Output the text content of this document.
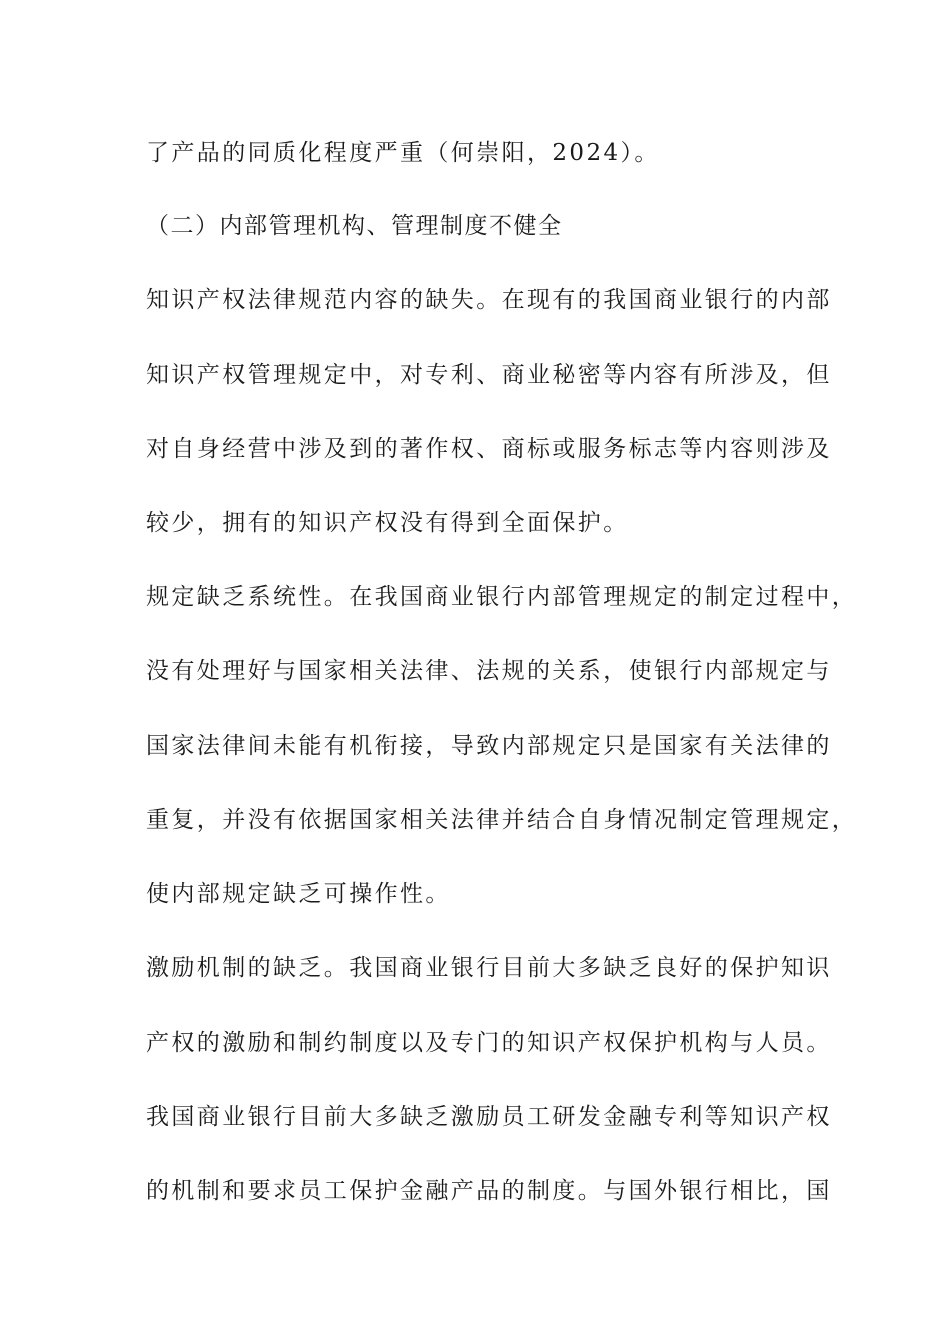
了产品的同质化程度严重（何崇阳，2024）。
（二）内部管理机构、管理制度不健全
知识产权法律规范内容的缺失。在现有的我国商业银行的内部
知识产权管理规定中，对专利、商业秘密等内容有所涉及，但
对自身经营中涉及到的著作权、商标或服务标志等内容则涉及
较少，拥有的知识产权没有得到全面保护。
规定缺乏系统性。在我国商业银行内部管理规定的制定过程中，
没有处理好与国家相关法律、法规的关系，使银行内部规定与
国家法律间未能有机衔接，导致内部规定只是国家有关法律的
重复，并没有依据国家相关法律并结合自身情况制定管理规定，
使内部规定缺乏可操作性。
激励机制的缺乏。我国商业银行目前大多缺乏良好的保护知识
产权的激励和制约制度以及专门的知识产权保护机构与人员。
我国商业银行目前大多缺乏激励员工研发金融专利等知识产权
的机制和要求员工保护金融产品的制度。与国外银行相比，国
